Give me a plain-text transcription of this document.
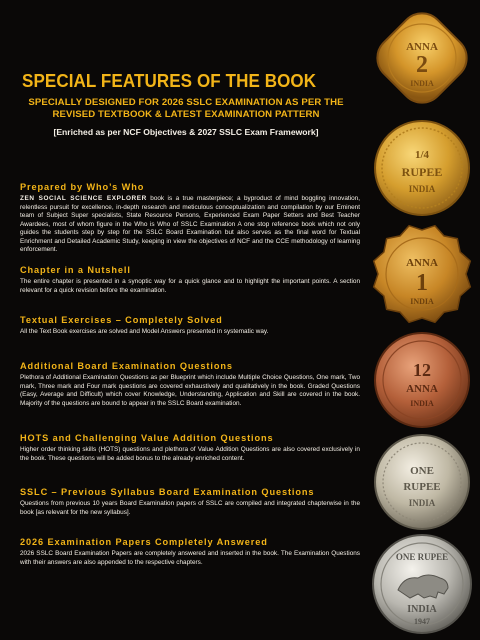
SPECIAL FEATURES OF THE BOOK
SPECIALLY DESIGNED FOR 2026 SSLC EXAMINATION AS PER THE
REVISED TEXTBOOK & LATEST EXAMINATION PATTERN
[Enriched as per NCF Objectives & 2027 SSLC Exam Framework]
Prepared by Who’s Who
ZEN SOCIAL SCIENCE EXPLORER book is a true masterpiece; a byproduct of mind boggling innovation, relentless pursuit for excellence, in-depth research and meticulous conceptualization and compilation by our Eminent team of Subject Super specialists, State Resource Persons, Experienced Exam Paper Setters and Best Teacher Awardees, most of whom figure in the Who is Who of SSLC Examination A one stop reference book which not only guides the students step by step for the SSLC Board Examination but also serves as the final word for Textual Enrichment and Detailed Academic Study, keeping in view the objectives of NCF and the CCE methodology of learning enforcement.
Chapter in a Nutshell
The entire chapter is presented in a synoptic way for a quick glance and to highlight the important points. A section relevant for a quick revision before the examination.
Textual Exercises – Completely Solved
All the Text Book exercises are solved and Model Answers presented in systematic way.
Additional Board Examination Questions
Plethora of Additional Examination Questions as per Blueprint which include Multiple Choice Questions, One mark, Two mark, Three mark and Four mark questions are covered exhaustively and qualitatively in the book. Graded Questions (Easy, Average and Difficult) which cover Knowledge, Understanding, Application and Skill are covered in the book. Majority of the questions are bound to appear in the SSLC Board examination.
HOTS and Challenging Value Addition Questions
Higher order thinking skills (HOTS) questions and plethora of Value Addition Questions are also covered exclusively in the book. These questions will be added bonus to the already enriched content.
SSLC – Previous Syllabus Board Examination Questions
Questions from previous 10 years Board Examination papers of SSLC are compiled and integrated chapterwise in the book [as relevant for the new syllabus].
2026 Examination Papers Completely Answered
2026 SSLC Board Examination Papers are completely answered and inserted in the book. The Examination Questions with their answers are also appended to the respective chapters.
ANNA
2
INDIA
1/4
RUPEE
INDIA
ANNA
1
INDIA
12
ANNA
INDIA
ONE
RUPEE
INDIA
ONE RUPEE
INDIA
1947
